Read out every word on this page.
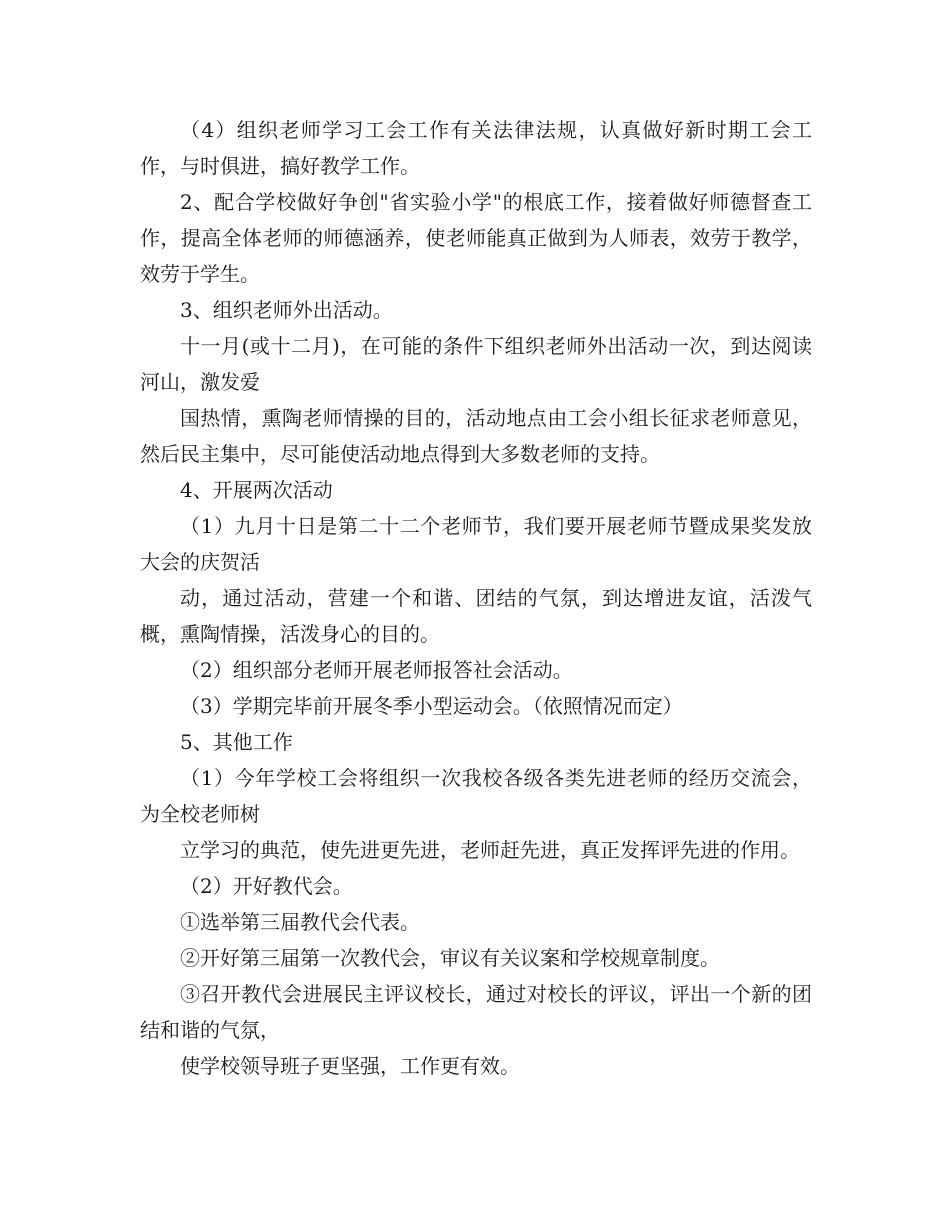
（4）组织老师学习工会工作有关法律法规，认真做好新时期工会工作，与时俱进，搞好教学工作。

2、配合学校做好争创"省实验小学"的根底工作，接着做好师德督查工作，提高全体老师的师德涵养，使老师能真正做到为人师表，效劳于教学，效劳于学生。

3、组织老师外出活动。

十一月(或十二月)，在可能的条件下组织老师外出活动一次，到达阅读河山，激发爱

国热情，熏陶老师情操的目的，活动地点由工会小组长征求老师意见，然后民主集中，尽可能使活动地点得到大多数老师的支持。

4、开展两次活动

（1）九月十日是第二十二个老师节，我们要开展老师节暨成果奖发放大会的庆贺活

动，通过活动，营建一个和谐、团结的气氛，到达增进友谊，活泼气概，熏陶情操，活泼身心的目的。

（2）组织部分老师开展老师报答社会活动。

（3）学期完毕前开展冬季小型运动会。（依照情况而定）

5、其他工作

（1）今年学校工会将组织一次我校各级各类先进老师的经历交流会，为全校老师树

立学习的典范，使先进更先进，老师赶先进，真正发挥评先进的作用。

（2）开好教代会。

①选举第三届教代会代表。

②开好第三届第一次教代会，审议有关议案和学校规章制度。

③召开教代会进展民主评议校长，通过对校长的评议，评出一个新的团结和谐的气氛，

使学校领导班子更坚强，工作更有效。
